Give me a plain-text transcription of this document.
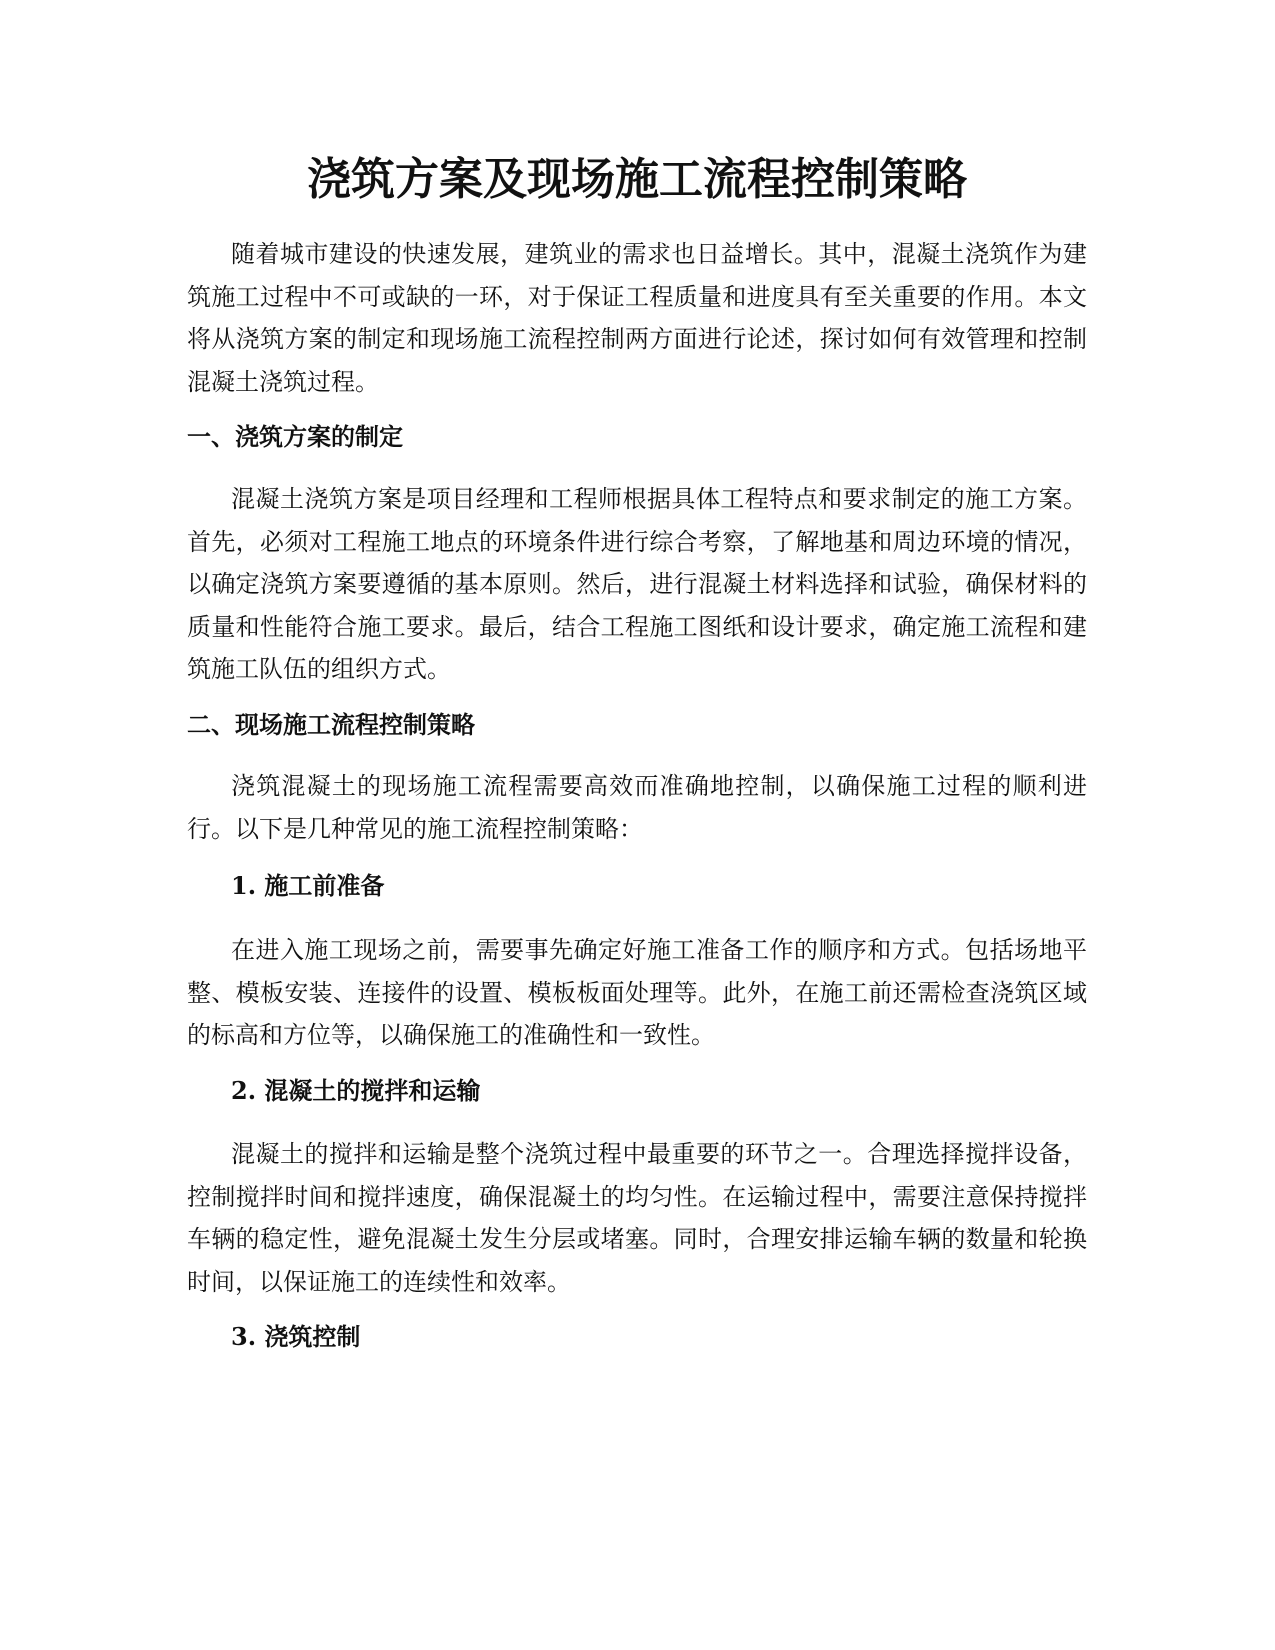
浇筑方案及现场施工流程控制策略

随着城市建设的快速发展，建筑业的需求也日益增长。其中，混凝土浇筑作为建筑施工过程中不可或缺的一环，对于保证工程质量和进度具有至关重要的作用。本文将从浇筑方案的制定和现场施工流程控制两方面进行论述，探讨如何有效管理和控制混凝土浇筑过程。

一、浇筑方案的制定

混凝土浇筑方案是项目经理和工程师根据具体工程特点和要求制定的施工方案。首先，必须对工程施工地点的环境条件进行综合考察，了解地基和周边环境的情况，以确定浇筑方案要遵循的基本原则。然后，进行混凝土材料选择和试验，确保材料的质量和性能符合施工要求。最后，结合工程施工图纸和设计要求，确定施工流程和建筑施工队伍的组织方式。

二、现场施工流程控制策略

浇筑混凝土的现场施工流程需要高效而准确地控制，以确保施工过程的顺利进行。以下是几种常见的施工流程控制策略：

1. 施工前准备

在进入施工现场之前，需要事先确定好施工准备工作的顺序和方式。包括场地平整、模板安装、连接件的设置、模板板面处理等。此外，在施工前还需检查浇筑区域的标高和方位等，以确保施工的准确性和一致性。

2. 混凝土的搅拌和运输

混凝土的搅拌和运输是整个浇筑过程中最重要的环节之一。合理选择搅拌设备，控制搅拌时间和搅拌速度，确保混凝土的均匀性。在运输过程中，需要注意保持搅拌车辆的稳定性，避免混凝土发生分层或堵塞。同时，合理安排运输车辆的数量和轮换时间，以保证施工的连续性和效率。

3. 浇筑控制
